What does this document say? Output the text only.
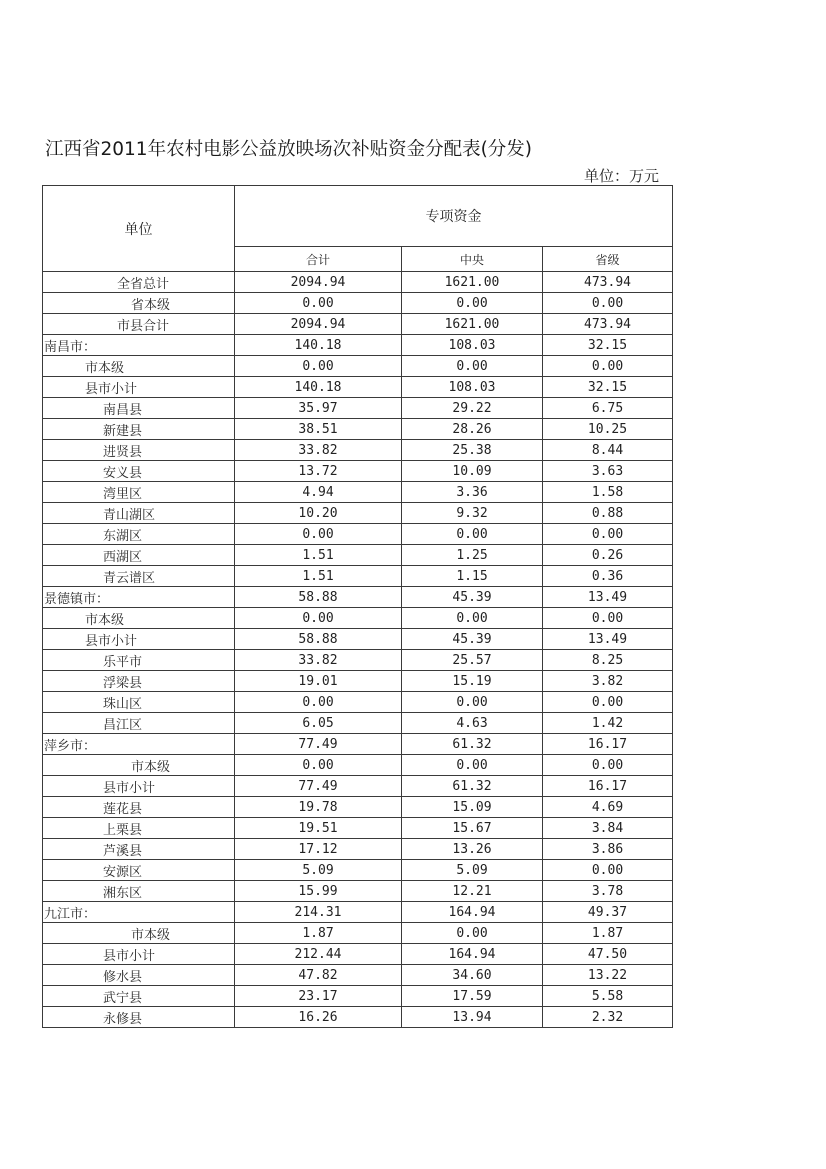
江西省2011年农村电影公益放映场次补贴资金分配表(分发)
单位：万元
单位	专项资金		
	合计	中央	省级
全省总计	2094.94	1621.00	473.94
省本级	0.00	0.00	0.00
市县合计	2094.94	1621.00	473.94
南昌市：	140.18	108.03	32.15
市本级	0.00	0.00	0.00
县市小计	140.18	108.03	32.15
南昌县	35.97	29.22	6.75
新建县	38.51	28.26	10.25
进贤县	33.82	25.38	8.44
安义县	13.72	10.09	3.63
湾里区	4.94	3.36	1.58
青山湖区	10.20	9.32	0.88
东湖区	0.00	0.00	0.00
西湖区	1.51	1.25	0.26
青云谱区	1.51	1.15	0.36
景德镇市：	58.88	45.39	13.49
市本级	0.00	0.00	0.00
县市小计	58.88	45.39	13.49
乐平市	33.82	25.57	8.25
浮梁县	19.01	15.19	3.82
珠山区	0.00	0.00	0.00
昌江区	6.05	4.63	1.42
萍乡市：	77.49	61.32	16.17
市本级	0.00	0.00	0.00
县市小计	77.49	61.32	16.17
莲花县	19.78	15.09	4.69
上栗县	19.51	15.67	3.84
芦溪县	17.12	13.26	3.86
安源区	5.09	5.09	0.00
湘东区	15.99	12.21	3.78
九江市：	214.31	164.94	49.37
市本级	1.87	0.00	1.87
县市小计	212.44	164.94	47.50
修水县	47.82	34.60	13.22
武宁县	23.17	17.59	5.58
永修县	16.26	13.94	2.32
